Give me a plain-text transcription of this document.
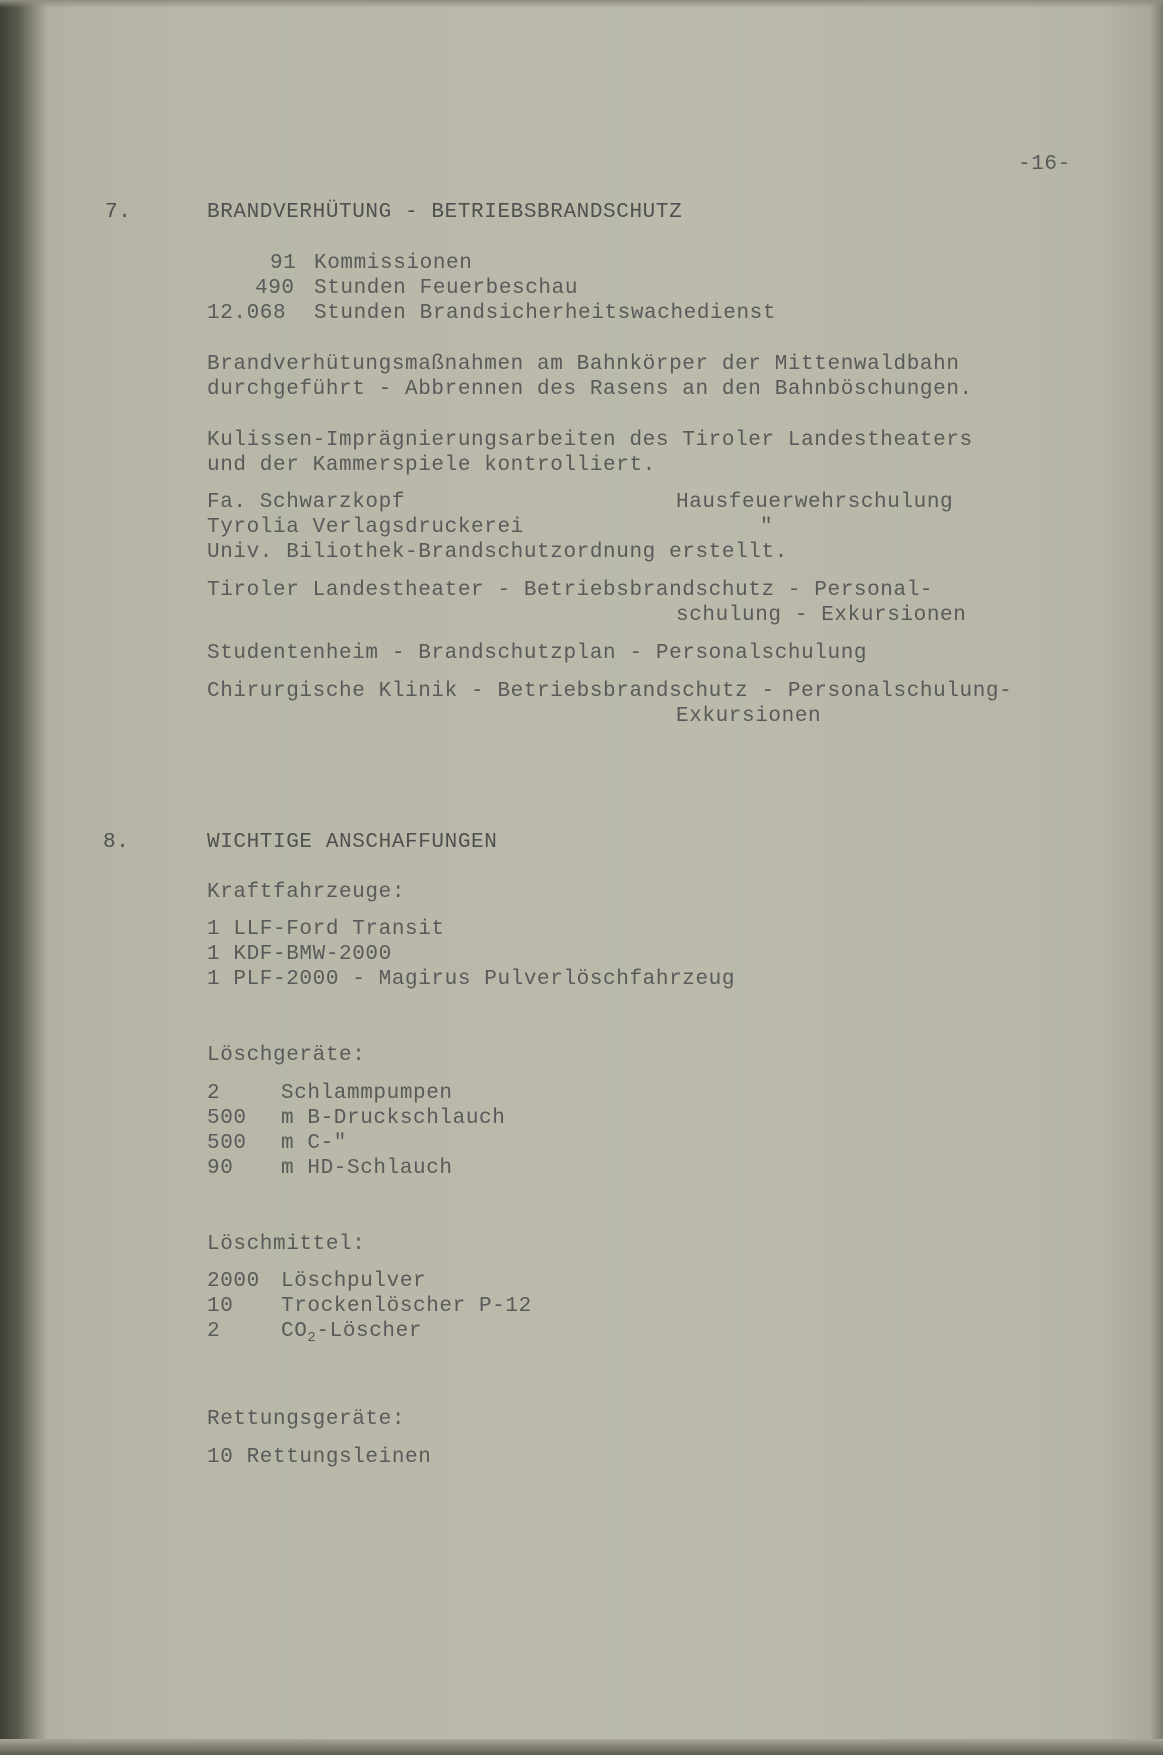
-16-
7.	BRANDVERHÜTUNG - BETRIEBSBRANDSCHUTZ
91 Kommissionen
490 Stunden Feuerbeschau
12.068 Stunden Brandsicherheitswachedienst
Brandverhütungsmaßnahmen am Bahnkörper der Mittenwaldbahn
durchgeführt - Abbrennen des Rasens an den Bahnböschungen.
Kulissen-Imprägnierungsarbeiten des Tiroler Landestheaters
und der Kammerspiele kontrolliert.
Fa. Schwarzkopf	Hausfeuerwehrschulung
Tyrolia Verlagsdruckerei	"
Univ. Biliothek-Brandschutzordnung erstellt.
Tiroler Landestheater - Betriebsbrandschutz - Personal-
schulung - Exkursionen
Studentenheim - Brandschutzplan - Personalschulung
Chirurgische Klinik - Betriebsbrandschutz - Personalschulung-
Exkursionen
8.	WICHTIGE ANSCHAFFUNGEN
Kraftfahrzeuge:
1 LLF-Ford Transit
1 KDF-BMW-2000
1 PLF-2000 - Magirus Pulverlöschfahrzeug
Löschgeräte:
2	Schlammpumpen
500 m B-Druckschlauch
500 m C-"
90 m HD-Schlauch
Löschmittel:
2000 Löschpulver
10 Trockenlöscher P-12
2	$CO_2$-Löscher
Rettungsgeräte:
10 Rettungsleinen
